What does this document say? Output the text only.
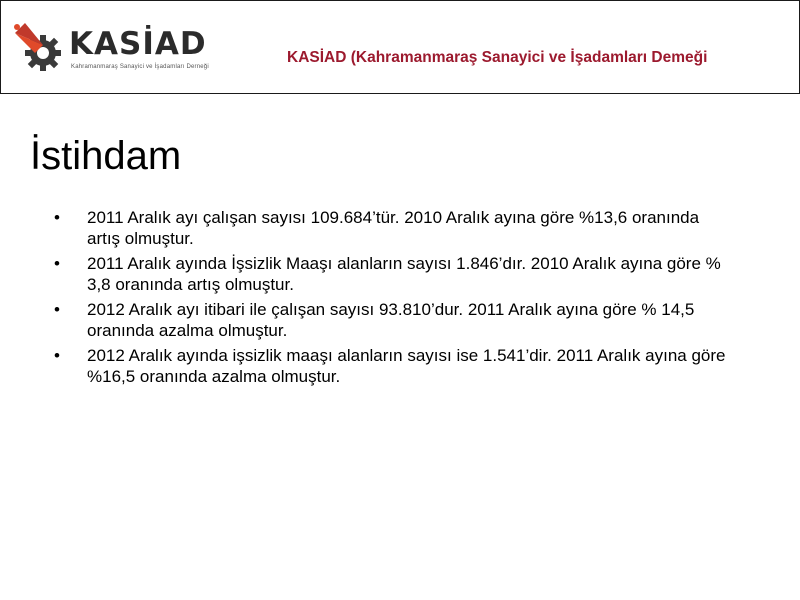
KASİAD
Kahramanmaraş Sanayici ve İşadamları Derneği
KASİAD (Kahramanmaraş Sanayici ve İşadamları Demeği
İstihdam
• 2011 Aralık ayı çalışan sayısı 109.684’tür. 2010 Aralık ayına göre %13,6 oranında artış olmuştur.
• 2011 Aralık ayında İşsizlik Maaşı alanların sayısı 1.846’dır. 2010 Aralık ayına göre % 3,8 oranında artış olmuştur.
• 2012 Aralık ayı itibari ile çalışan sayısı 93.810’dur. 2011 Aralık ayına göre % 14,5 oranında azalma olmuştur.
• 2012 Aralık ayında işsizlik maaşı alanların sayısı ise 1.541’dir. 2011 Aralık ayına göre %16,5 oranında azalma olmuştur.
